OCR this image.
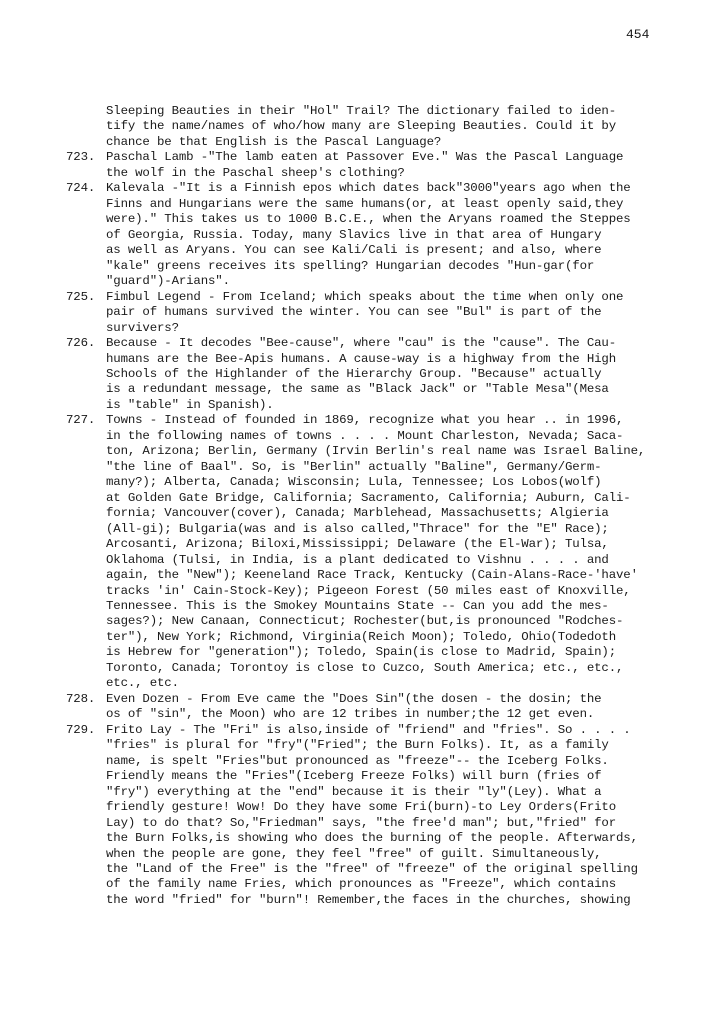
454
Sleeping Beauties in their "Hol" Trail? The dictionary failed to iden-
tify the name/names of who/how many are Sleeping Beauties. Could it by
chance be that English is the Pascal Language?
723. Paschal Lamb -"The lamb eaten at Passover Eve." Was the Pascal Language
the wolf in the Paschal sheep's clothing?
724. Kalevala -"It is a Finnish epos which dates back"3000"years ago when the
Finns and Hungarians were the same humans(or, at least openly said,they
were)." This takes us to 1000 B.C.E., when the Aryans roamed the Steppes
of Georgia, Russia. Today, many Slavics live in that area of Hungary
as well as Aryans. You can see Kali/Cali is present; and also, where
"kale" greens receives its spelling? Hungarian decodes "Hun-gar(for
"guard")-Arians".
725. Fimbul Legend - From Iceland; which speaks about the time when only one
pair of humans survived the winter. You can see "Bul" is part of the
survivers?
726. Because - It decodes "Bee-cause", where "cau" is the "cause". The Cau-
humans are the Bee-Apis humans. A cause-way is a highway from the High
Schools of the Highlander of the Hierarchy Group. "Because" actually
is a redundant message, the same as "Black Jack" or "Table Mesa"(Mesa
is "table" in Spanish).
727. Towns - Instead of founded in 1869, recognize what you hear .. in 1996,
in the following names of towns . . . . Mount Charleston, Nevada; Saca-
ton, Arizona; Berlin, Germany (Irvin Berlin's real name was Israel Baline,
"the line of Baal". So, is "Berlin" actually "Baline", Germany/Germ-
many?); Alberta, Canada; Wisconsin; Lula, Tennessee; Los Lobos(wolf)
at Golden Gate Bridge, California; Sacramento, California; Auburn, Cali-
fornia; Vancouver(cover), Canada; Marblehead, Massachusetts; Algieria
(All-gi); Bulgaria(was and is also called,"Thrace" for the "E" Race);
Arcosanti, Arizona; Biloxi,Mississippi; Delaware (the El-War); Tulsa,
Oklahoma (Tulsi, in India, is a plant dedicated to Vishnu . . . . and
again, the "New"); Keeneland Race Track, Kentucky (Cain-Alans-Race-'have'
tracks 'in' Cain-Stock-Key); Pigeeon Forest (50 miles east of Knoxville,
Tennessee. This is the Smokey Mountains State -- Can you add the mes-
sages?); New Canaan, Connecticut; Rochester(but,is pronounced "Rodches-
ter"), New York; Richmond, Virginia(Reich Moon); Toledo, Ohio(Todedoth
is Hebrew for "generation"); Toledo, Spain(is close to Madrid, Spain);
Toronto, Canada; Torontoy is close to Cuzco, South America; etc., etc.,
etc., etc.
728. Even Dozen - From Eve came the "Does Sin"(the dosen - the dosin; the
os of "sin", the Moon) who are 12 tribes in number;the 12 get even.
729. Frito Lay - The "Fri" is also,inside of "friend" and "fries". So . . . .
"fries" is plural for "fry"("Fried"; the Burn Folks). It, as a family
name, is spelt "Fries"but pronounced as "freeze"-- the Iceberg Folks.
Friendly means the "Fries"(Iceberg Freeze Folks) will burn (fries of
"fry") everything at the "end" because it is their "ly"(Ley). What a
friendly gesture! Wow! Do they have some Fri(burn)-to Ley Orders(Frito
Lay) to do that? So,"Friedman" says, "the free'd man"; but,"fried" for
the Burn Folks,is showing who does the burning of the people. Afterwards,
when the people are gone, they feel "free" of guilt. Simultaneously,
the "Land of the Free" is the "free" of "freeze" of the original spelling
of the family name Fries, which pronounces as "Freeze", which contains
the word "fried" for "burn"! Remember,the faces in the churches, showing
